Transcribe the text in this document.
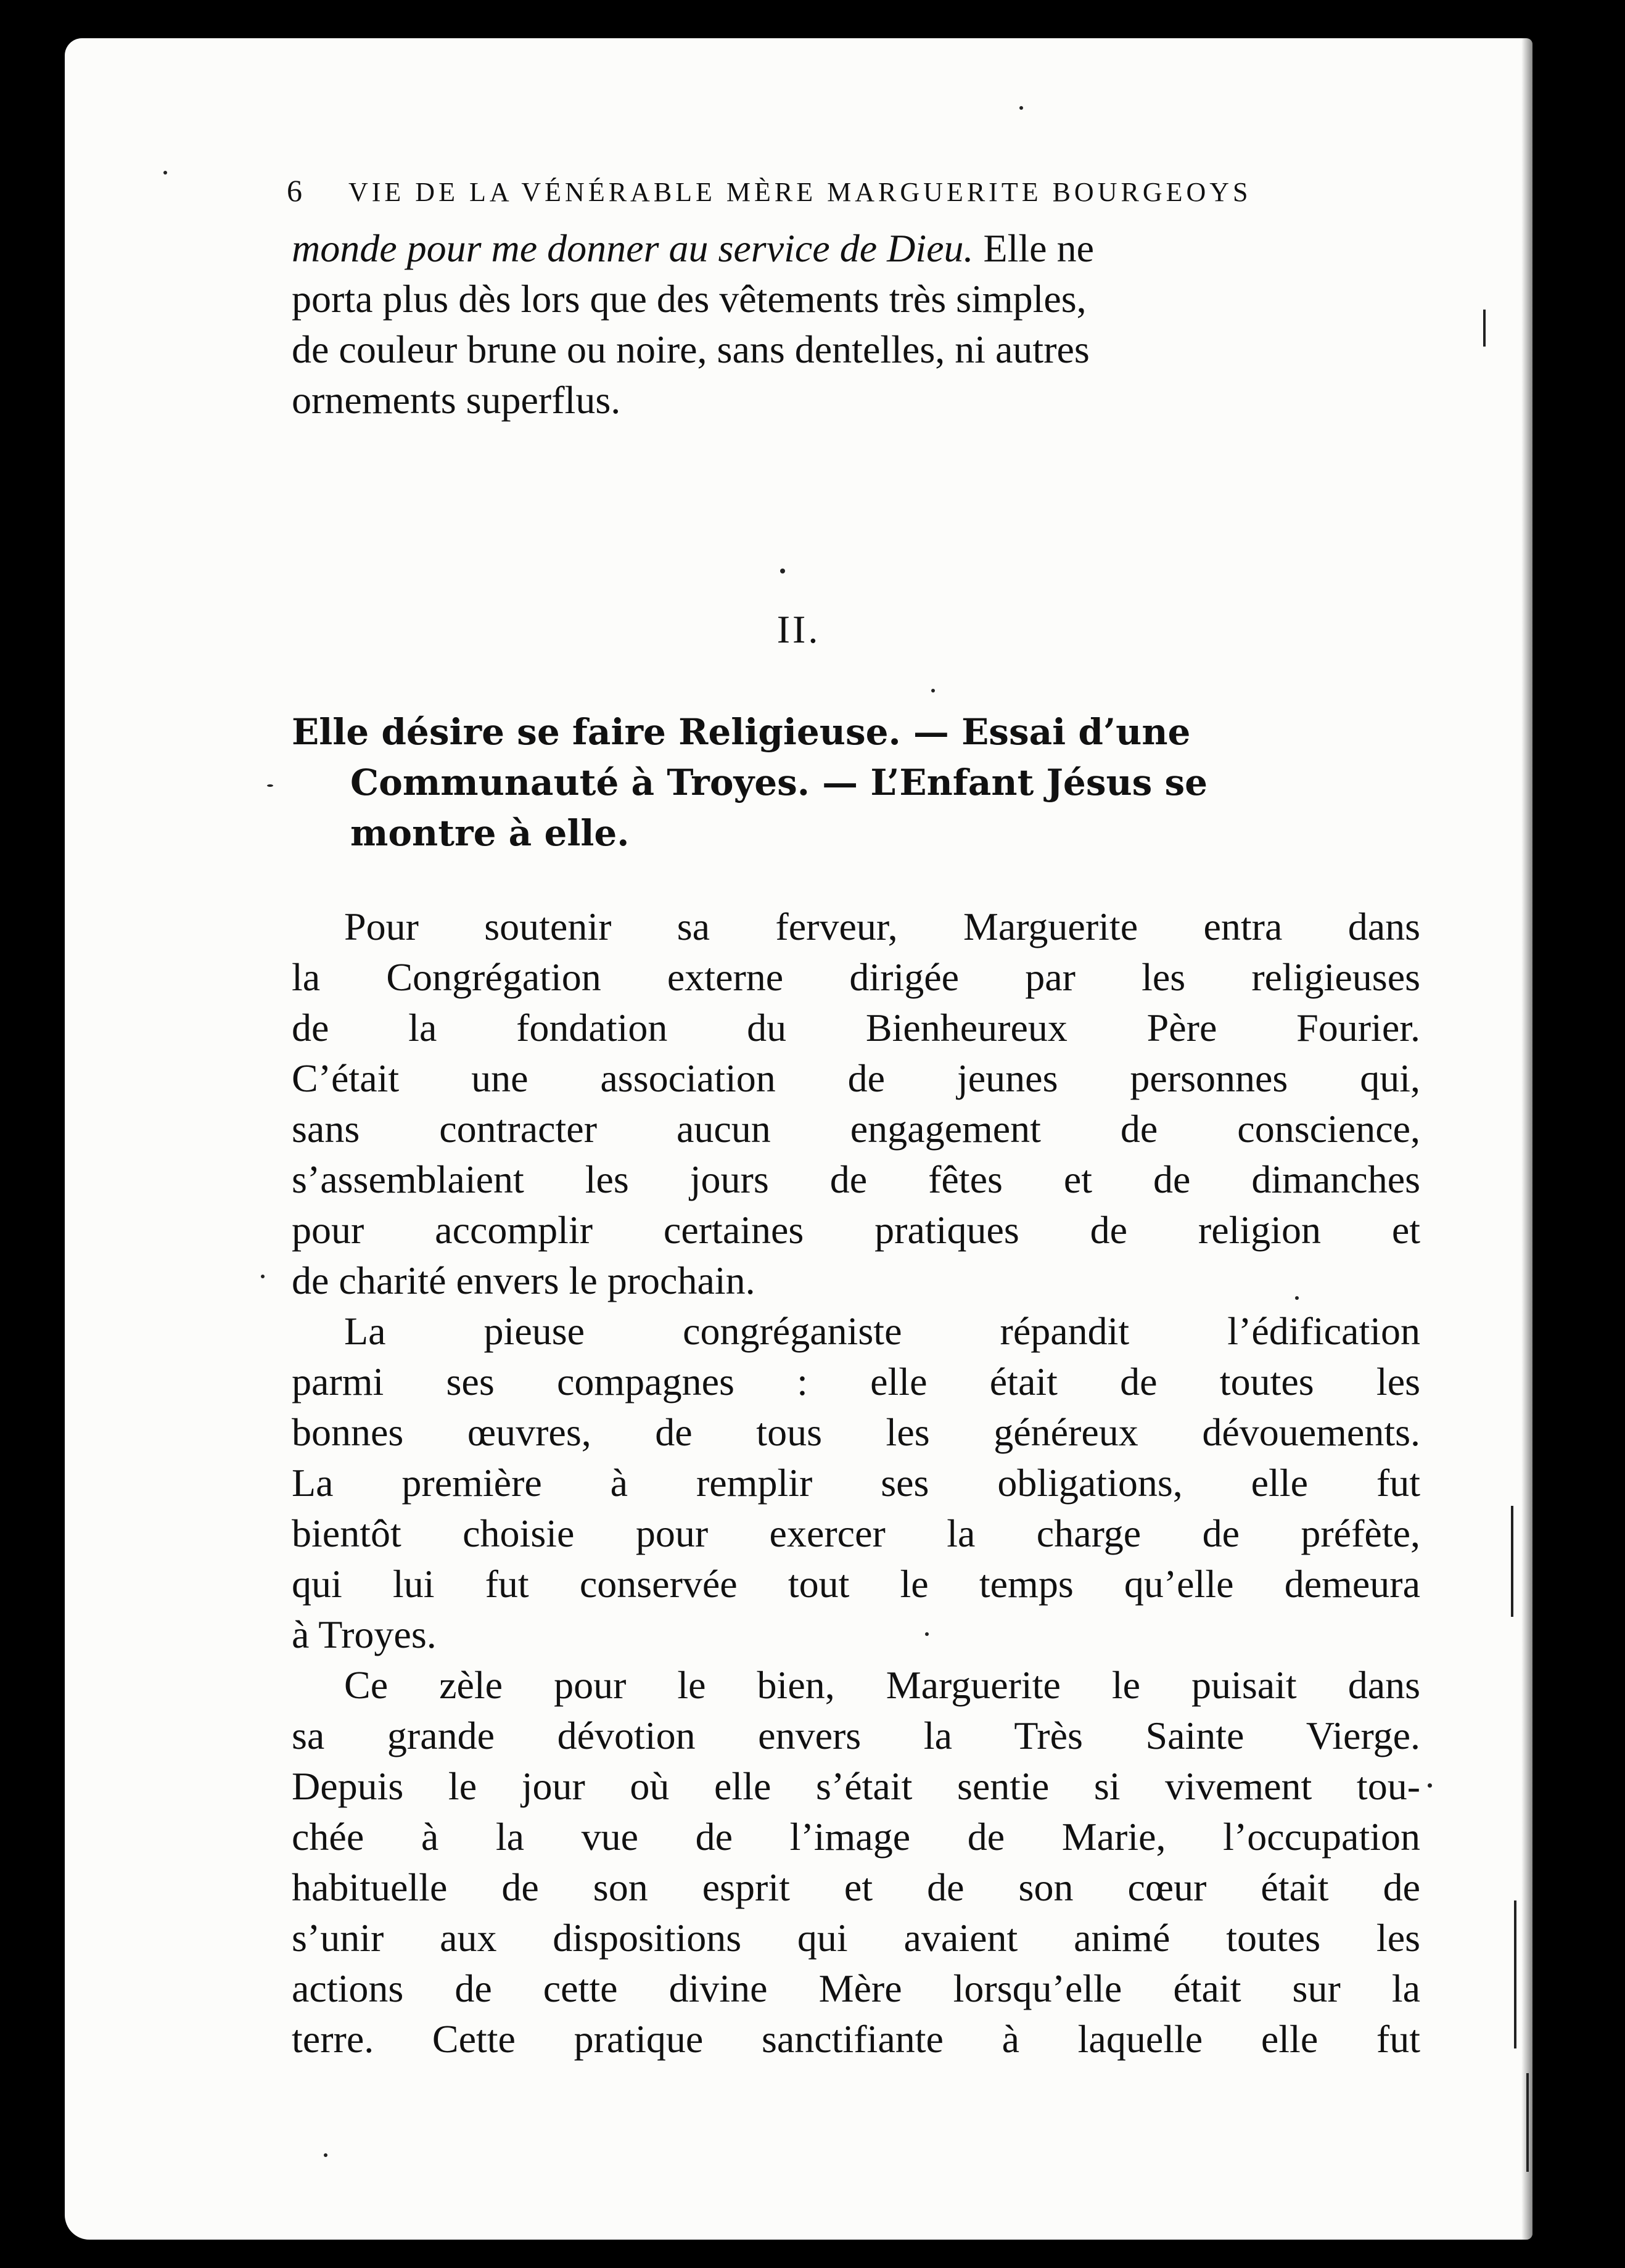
6 VIE DE LA VÉNÉRABLE MÈRE MARGUERITE BOURGEOYS
monde pour me donner au service de Dieu. Elle ne
porta plus dès lors que des vêtements très simples,
de couleur brune ou noire, sans dentelles, ni autres
ornements superflus.
II.
Elle désire se faire Religieuse. — Essai d’une
Communauté à Troyes. — L’Enfant Jésus se
montre à elle.
Pour soutenir sa ferveur, Marguerite entra dans
la Congrégation externe dirigée par les religieuses
de la fondation du Bienheureux Père Fourier.
C’était une association de jeunes personnes qui,
sans contracter aucun engagement de conscience,
s’assemblaient les jours de fêtes et de dimanches
pour accomplir certaines pratiques de religion et
de charité envers le prochain.
La pieuse congréganiste répandit l’édification
parmi ses compagnes : elle était de toutes les
bonnes œuvres, de tous les généreux dévouements.
La première à remplir ses obligations, elle fut
bientôt choisie pour exercer la charge de préfète,
qui lui fut conservée tout le temps qu’elle demeura
à Troyes.
Ce zèle pour le bien, Marguerite le puisait dans
sa grande dévotion envers la Très Sainte Vierge.
Depuis le jour où elle s’était sentie si vivement tou-
chée à la vue de l’image de Marie, l’occupation
habituelle de son esprit et de son cœur était de
s’unir aux dispositions qui avaient animé toutes les
actions de cette divine Mère lorsqu’elle était sur la
terre. Cette pratique sanctifiante à laquelle elle fut
